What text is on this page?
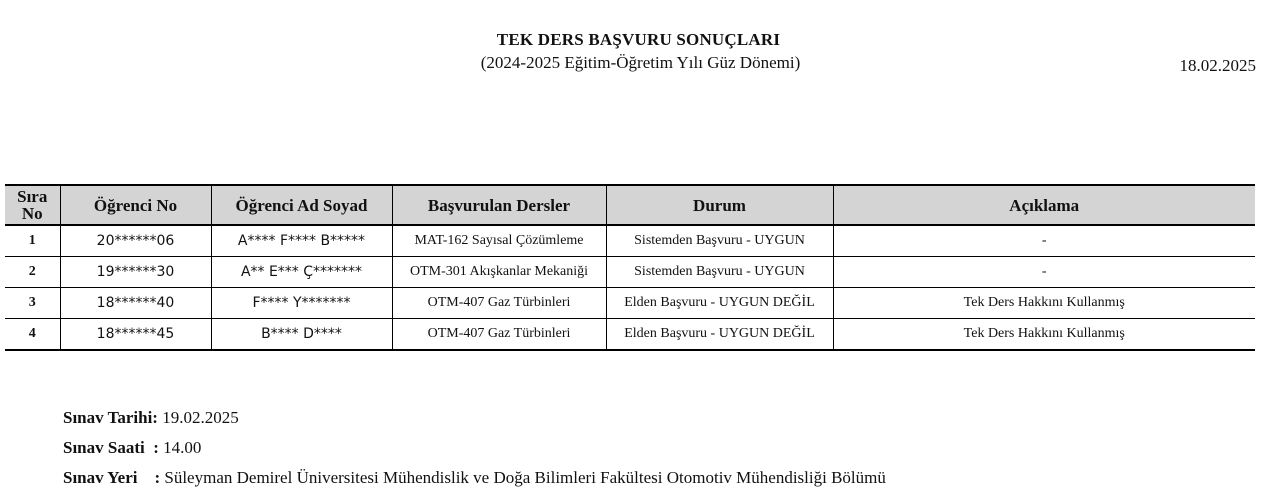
TEK DERS BAŞVURU SONUÇLARI
(2024-2025 Eğitim-Öğretim Yılı Güz Dönemi)	18.02.2025
Sıra No	Öğrenci No	Öğrenci Ad Soyad	Başvurulan Dersler	Durum	Açıklama
1	20******06	A**** F**** B*****	MAT-162 Sayısal Çözümleme	Sistemden Başvuru - UYGUN	-
2	19******30	A** E*** Ç*******	OTM-301 Akışkanlar Mekaniği	Sistemden Başvuru - UYGUN	-
3	18******40	F**** Y*******	OTM-407 Gaz Türbinleri	Elden Başvuru - UYGUN DEĞİL	Tek Ders Hakkını Kullanmış
4	18******45	B**** D****	OTM-407 Gaz Türbinleri	Elden Başvuru - UYGUN DEĞİL	Tek Ders Hakkını Kullanmış
Sınav Tarihi: 19.02.2025
Sınav Saati  : 14.00
Sınav Yeri    : Süleyman Demirel Üniversitesi Mühendislik ve Doğa Bilimleri Fakültesi Otomotiv Mühendisliği Bölümü
